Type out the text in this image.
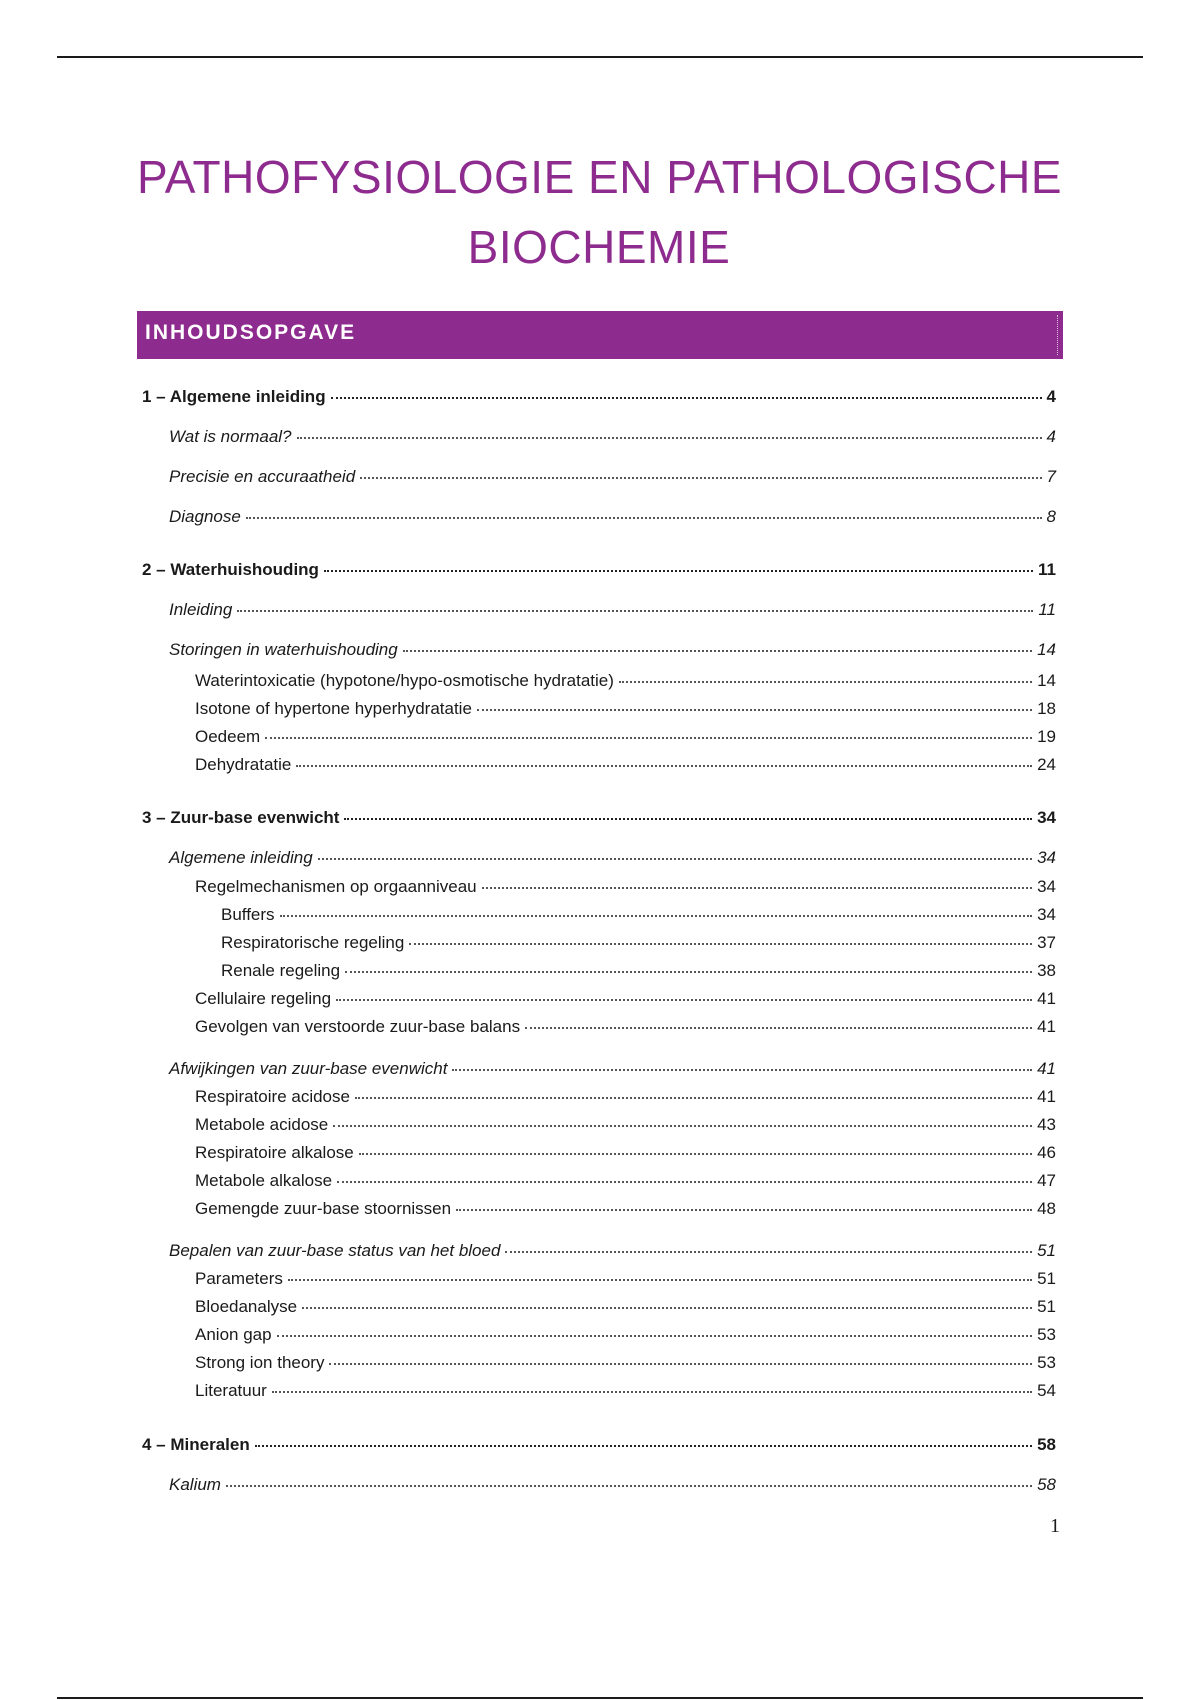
PATHOFYSIOLOGIE EN PATHOLOGISCHE
BIOCHEMIE
INHOUDSOPGAVE
1 – Algemene inleiding	4
Wat is normaal?	4
Precisie en accuraatheid	7
Diagnose	8
2 – Waterhuishouding	11
Inleiding	11
Storingen in waterhuishouding	14
Waterintoxicatie (hypotone/hypo-osmotische hydratatie)	14
Isotone of hypertone hyperhydratatie	18
Oedeem	19
Dehydratatie	24
3 – Zuur-base evenwicht	34
Algemene inleiding	34
Regelmechanismen op orgaanniveau	34
Buffers	34
Respiratorische regeling	37
Renale regeling	38
Cellulaire regeling	41
Gevolgen van verstoorde zuur-base balans	41
Afwijkingen van zuur-base evenwicht	41
Respiratoire acidose	41
Metabole acidose	43
Respiratoire alkalose	46
Metabole alkalose	47
Gemengde zuur-base stoornissen	48
Bepalen van zuur-base status van het bloed	51
Parameters	51
Bloedanalyse	51
Anion gap	53
Strong ion theory	53
Literatuur	54
4 – Mineralen	58
Kalium	58
1
